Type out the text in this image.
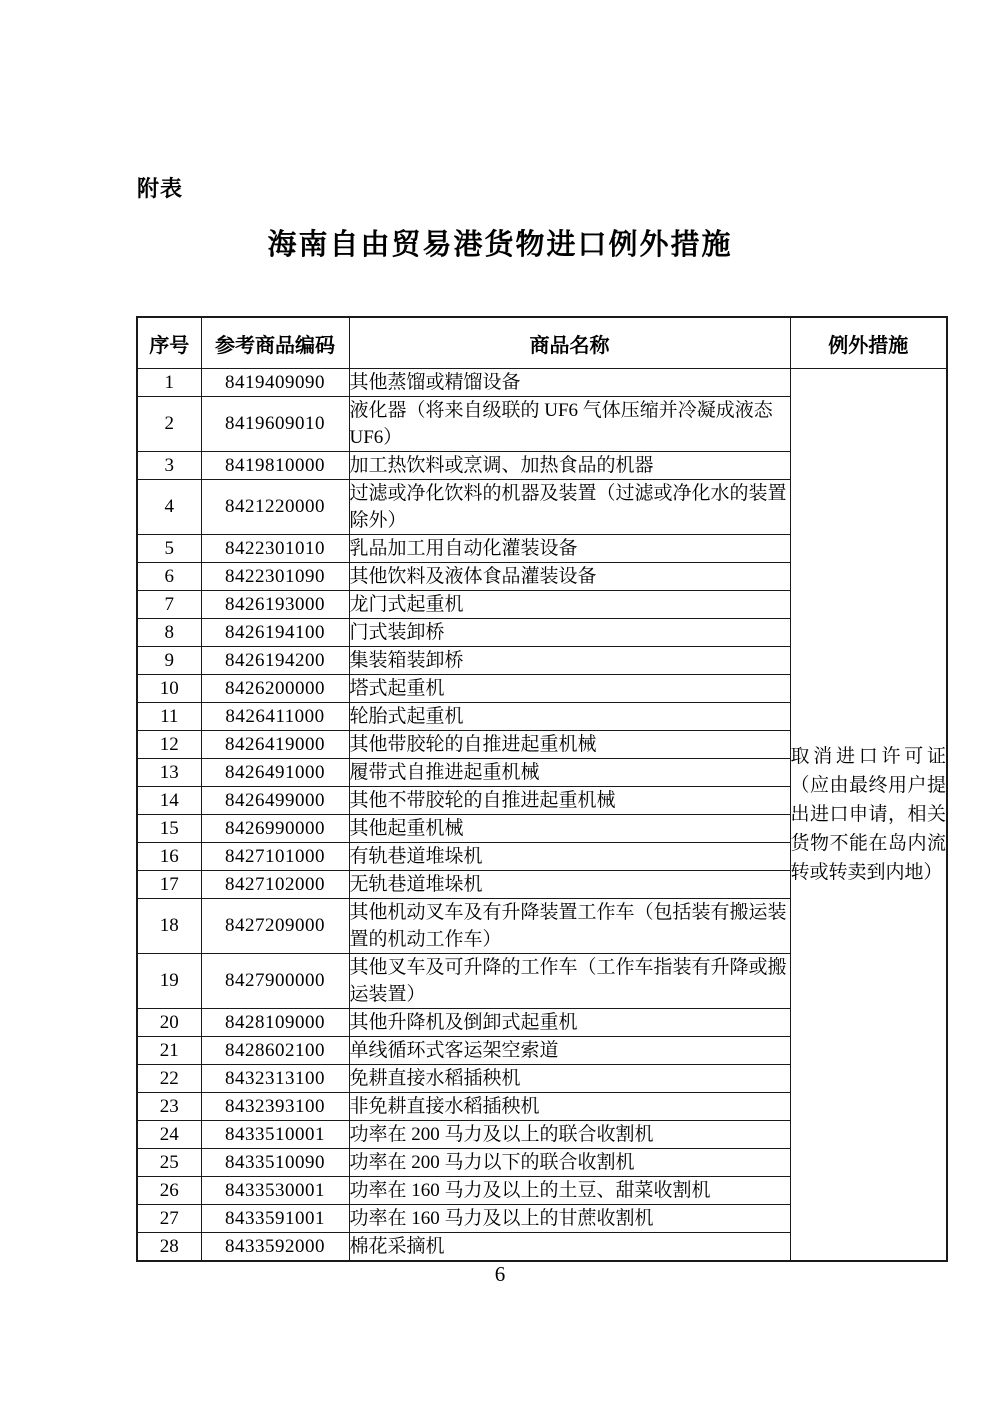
附表
海南自由贸易港货物进口例外措施
序号	参考商品编码	商品名称	例外措施
1	8419409090	其他蒸馏或精馏设备	取消进口许可证（应由最终用户提出进口申请，相关货物不能在岛内流转或转卖到内地）
2	8419609010	液化器（将来自级联的 UF6 气体压缩并冷凝成液态 UF6）	
3	8419810000	加工热饮料或烹调、加热食品的机器	
4	8421220000	过滤或净化饮料的机器及装置（过滤或净化水的装置除外）	
5	8422301010	乳品加工用自动化灌装设备	
6	8422301090	其他饮料及液体食品灌装设备	
7	8426193000	龙门式起重机	
8	8426194100	门式装卸桥	
9	8426194200	集装箱装卸桥	
10	8426200000	塔式起重机	
11	8426411000	轮胎式起重机	
12	8426419000	其他带胶轮的自推进起重机械	
13	8426491000	履带式自推进起重机械	
14	8426499000	其他不带胶轮的自推进起重机械	
15	8426990000	其他起重机械	
16	8427101000	有轨巷道堆垛机	
17	8427102000	无轨巷道堆垛机	
18	8427209000	其他机动叉车及有升降装置工作车（包括装有搬运装置的机动工作车）	
19	8427900000	其他叉车及可升降的工作车（工作车指装有升降或搬运装置）	
20	8428109000	其他升降机及倒卸式起重机	
21	8428602100	单线循环式客运架空索道	
22	8432313100	免耕直接水稻插秧机	
23	8432393100	非免耕直接水稻插秧机	
24	8433510001	功率在 200 马力及以上的联合收割机	
25	8433510090	功率在 200 马力以下的联合收割机	
26	8433530001	功率在 160 马力及以上的土豆、甜菜收割机	
27	8433591001	功率在 160 马力及以上的甘蔗收割机	
28	8433592000	棉花采摘机	
6
